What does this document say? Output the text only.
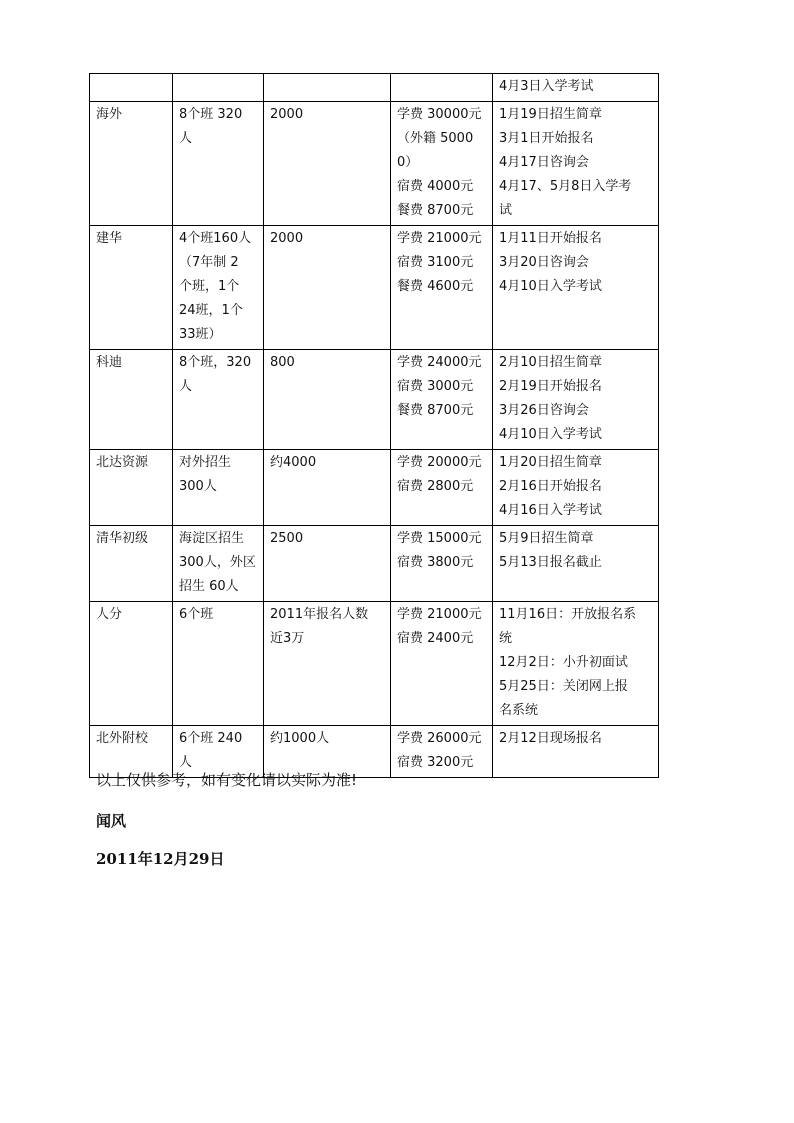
				4月3日入学考试

海外	8个班 320
人	2000	学费 30000元
（外籍 50000）
宿费 4000元
餐费 8700元	1月19日招生简章
3月1日开始报名
4月17日咨询会
4月17、5月8日入学考
试

建华	4个班160人
（7年制 2
个班，1个
24班，1个
33班）	2000	学费 21000元
宿费 3100元
餐费 4600元	1月11日开始报名
3月20日咨询会
4月10日入学考试

科迪	8个班，320
人	800	学费 24000元
宿费 3000元
餐费 8700元	2月10日招生简章
2月19日开始报名
3月26日咨询会
4月10日入学考试

北达资源	对外招生
300人	约4000	学费 20000元
宿费 2800元	1月20日招生简章
2月16日开始报名
4月16日入学考试

清华初级	海淀区招生
300人，外区
招生 60人	2500	学费 15000元
宿费 3800元	5月9日招生简章
5月13日报名截止

人分	6个班	2011年报名人数
近3万	学费 21000元
宿费 2400元	11月16日：开放报名系
统
12月2日：小升初面试
5月25日：关闭网上报
名系统

北外附校	6个班 240
人	约1000人	学费 26000元
宿费 3200元	2月12日现场报名
以上仅供参考，如有变化请以实际为准!
闻风
2011年12月29日
